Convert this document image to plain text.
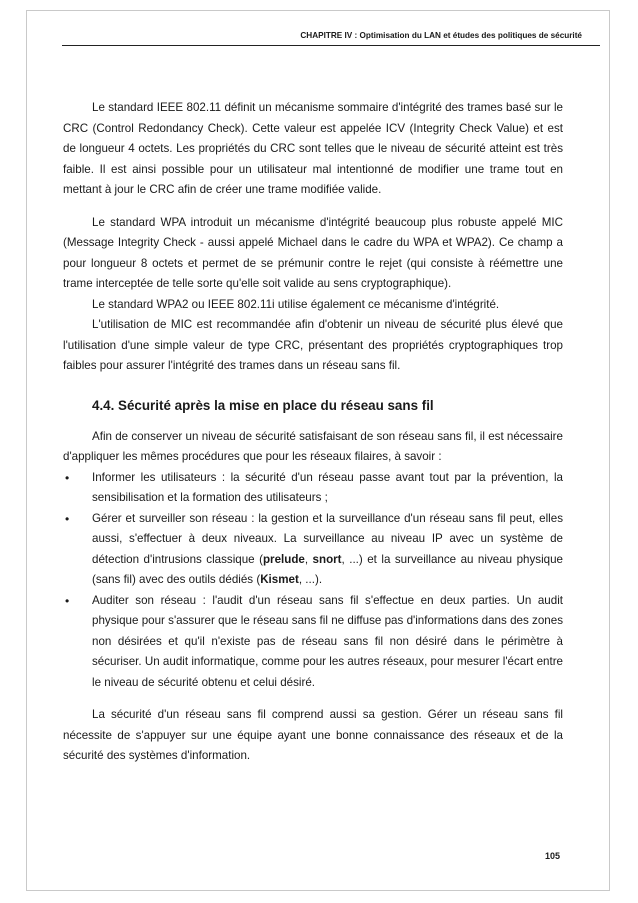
CHAPITRE IV : Optimisation du LAN et études des politiques de sécurité

Le standard IEEE 802.11 définit un mécanisme sommaire d'intégrité des trames basé sur le CRC (Control Redondancy Check). Cette valeur est appelée ICV (Integrity Check Value) et est de longueur 4 octets. Les propriétés du CRC sont telles que le niveau de sécurité atteint est très faible. Il est ainsi possible pour un utilisateur mal intentionné de modifier une trame tout en mettant à jour le CRC afin de créer une trame modifiée valide.

Le standard WPA introduit un mécanisme d'intégrité beaucoup plus robuste appelé MIC (Message Integrity Check - aussi appelé Michael dans le cadre du WPA et WPA2). Ce champ a pour longueur 8 octets et permet de se prémunir contre le rejet (qui consiste à réémettre une trame interceptée de telle sorte qu'elle soit valide au sens cryptographique).

Le standard WPA2 ou IEEE 802.11i utilise également ce mécanisme d'intégrité.

L'utilisation de MIC est recommandée afin d'obtenir un niveau de sécurité plus élevé que l'utilisation d'une simple valeur de type CRC, présentant des propriétés cryptographiques trop faibles pour assurer l'intégrité des trames dans un réseau sans fil.

4.4. Sécurité après la mise en place du réseau sans fil

Afin de conserver un niveau de sécurité satisfaisant de son réseau sans fil, il est nécessaire d'appliquer les mêmes procédures que pour les réseaux filaires, à savoir :

• Informer les utilisateurs : la sécurité d'un réseau passe avant tout par la prévention, la sensibilisation et la formation des utilisateurs ;
• Gérer et surveiller son réseau : la gestion et la surveillance d'un réseau sans fil peut, elles aussi, s'effectuer à deux niveaux. La surveillance au niveau IP avec un système de détection d'intrusions classique (prelude, snort, ...) et la surveillance au niveau physique (sans fil) avec des outils dédiés (Kismet, ...).
• Auditer son réseau : l'audit d'un réseau sans fil s'effectue en deux parties. Un audit physique pour s'assurer que le réseau sans fil ne diffuse pas d'informations dans des zones non désirées et qu'il n'existe pas de réseau sans fil non désiré dans le périmètre à sécuriser. Un audit informatique, comme pour les autres réseaux, pour mesurer l'écart entre le niveau de sécurité obtenu et celui désiré.

La sécurité d'un réseau sans fil comprend aussi sa gestion. Gérer un réseau sans fil nécessite de s'appuyer sur une équipe ayant une bonne connaissance des réseaux et de la sécurité des systèmes d'information.

105
